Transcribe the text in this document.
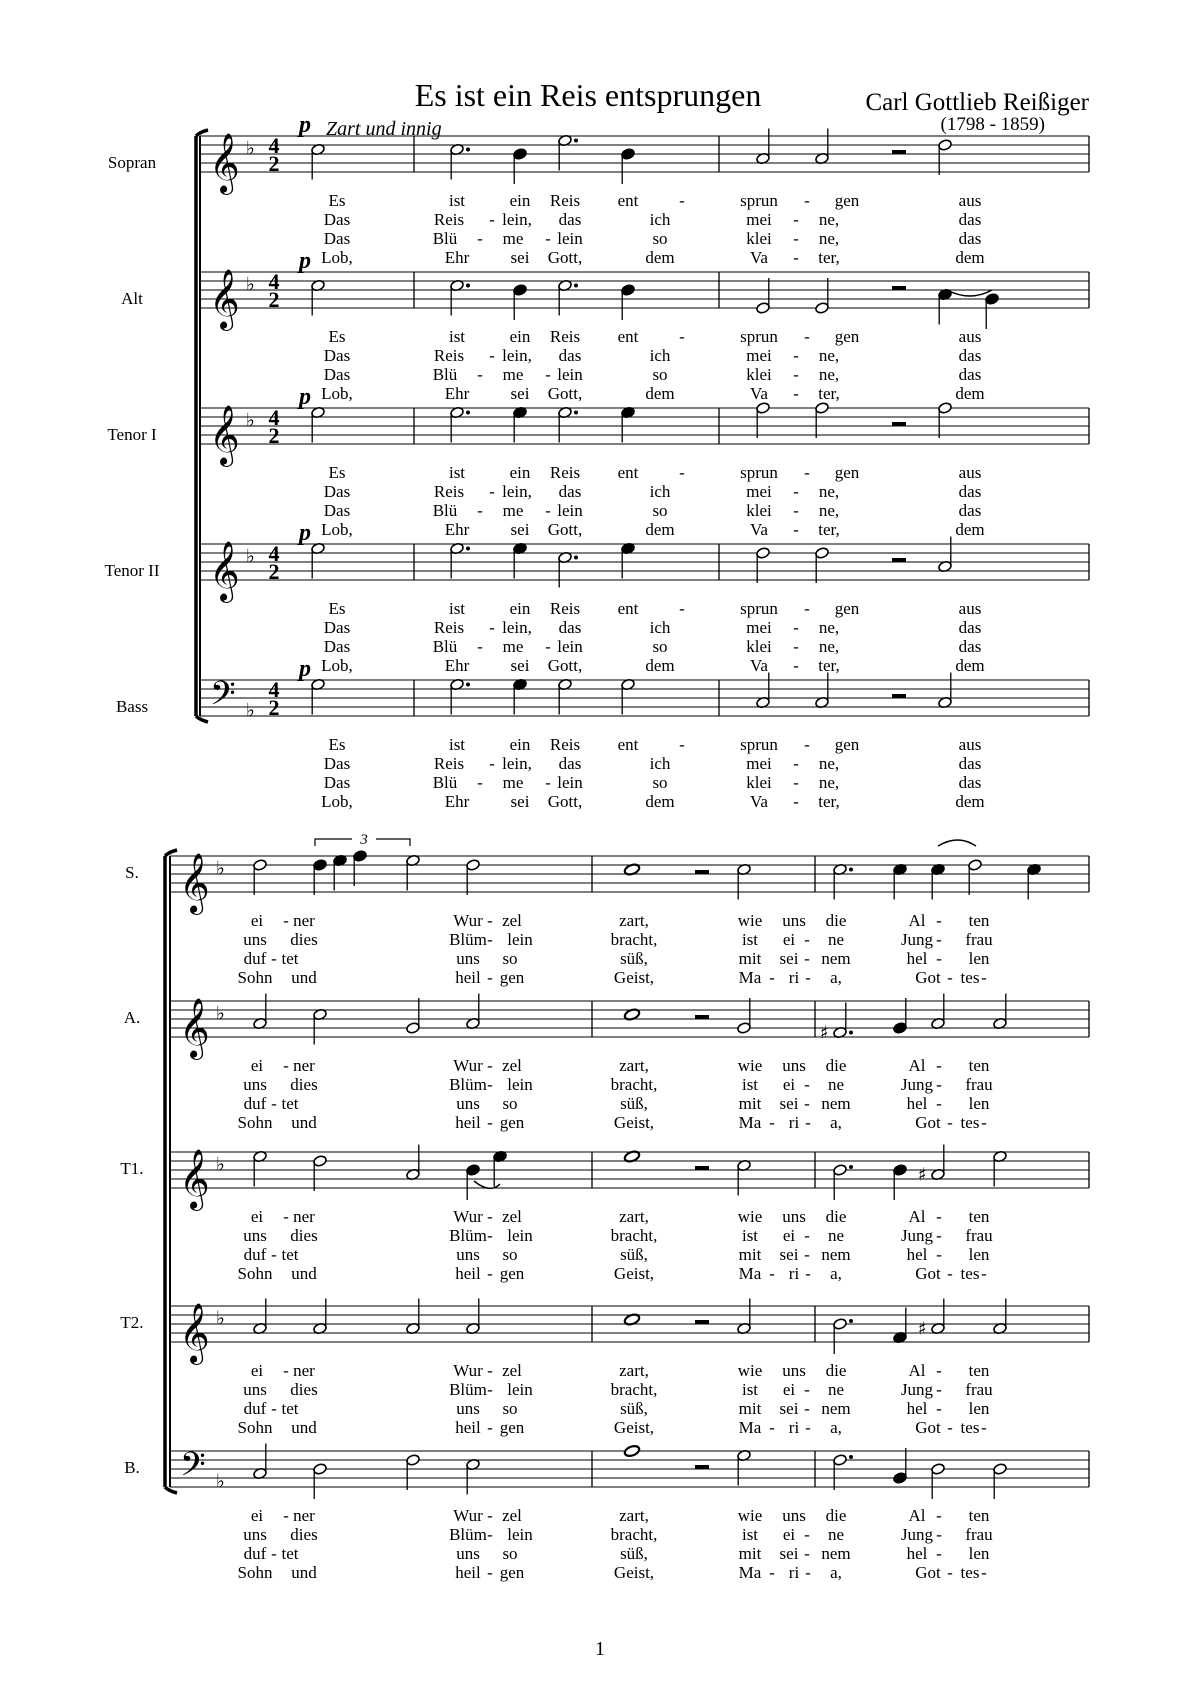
Es ist ein Reis entsprungen	Carl Gottlieb Reißiger
(1798 - 1859)
Zart und innig
1
𝄞 ♭ 4
2
Sopran
p
𝄞 ♭ 4
2
Alt
p
𝄞 ♭ 4
2
Tenor I
p
𝄞 ♭ 4
2
Tenor II
p
𝄢 ♭
4
2
Bass
p
Es	ist	ein Reis ent -	sprun - gen	aus
Das	Reis - lein, das	ich	mei - ne,	das
Das	Blü - me - lein	so	klei - ne,	das
Lob,	Ehr sei Gott,	dem	Va - ter,	dem
Es	ist	ein Reis ent -	sprun - gen	aus
Das	Reis - lein, das	ich	mei - ne,	das
Das	Blü - me - lein	so	klei - ne,	das
Lob,	Ehr sei Gott,	dem	Va - ter,	dem
Es	ist	ein Reis ent -	sprun - gen	aus
Das	Reis - lein, das	ich	mei - ne,	das
Das	Blü - me - lein	so	klei - ne,	das
Lob,	Ehr sei Gott,	dem	Va - ter,	dem
Es	ist	ein Reis ent -	sprun - gen	aus
Das	Reis - lein, das	ich	mei - ne,	das
Das	Blü - me - lein	so	klei - ne,	das
Lob,	Ehr sei Gott,	dem	Va - ter,	dem
Es	ist	ein Reis ent -	sprun - gen	aus
Das	Reis - lein, das	ich	mei - ne,	das
Das	Blü - me - lein	so	klei - ne,	das
Lob,	Ehr sei Gott,	dem	Va - ter,	dem
𝄞 ♭
S.
𝄞 ♭
A.
𝄞 ♭
T1.
𝄞 ♭
T2.
𝄢 ♭
B.
♯
♯
♯
3
ei - ner	Wur - zel	zart,	wie uns die	Al - ten
uns dies	Blüm - lein	bracht,	ist ei - ne	Jung - frau
duf - tet	uns so	süß,	mit sei - nem	hel - len
Sohn und	heil - gen	Geist,	Ma - ri - a,	Got - tes -
ei - ner	Wur - zel	zart,	wie uns die	Al - ten
uns dies	Blüm - lein	bracht,	ist ei - ne	Jung - frau
duf - tet	uns so	süß,	mit sei - nem	hel - len
Sohn und	heil - gen	Geist,	Ma - ri - a,	Got - tes -
ei - ner	Wur - zel	zart,	wie uns die	Al - ten
uns dies	Blüm - lein	bracht,	ist ei - ne	Jung - frau
duf - tet	uns so	süß,	mit sei - nem	hel - len
Sohn und	heil - gen	Geist,	Ma - ri - a,	Got - tes -
ei - ner	Wur - zel	zart,	wie uns die	Al - ten
uns dies	Blüm - lein	bracht,	ist ei - ne	Jung - frau
duf - tet	uns so	süß,	mit sei - nem	hel - len
Sohn und	heil - gen	Geist,	Ma - ri - a,	Got - tes -
ei - ner	Wur - zel	zart,	wie uns die	Al - ten
uns dies	Blüm - lein	bracht,	ist ei - ne	Jung - frau
duf - tet	uns so	süß,	mit sei - nem	hel - len
Sohn und	heil - gen	Geist,	Ma - ri - a,	Got - tes -
